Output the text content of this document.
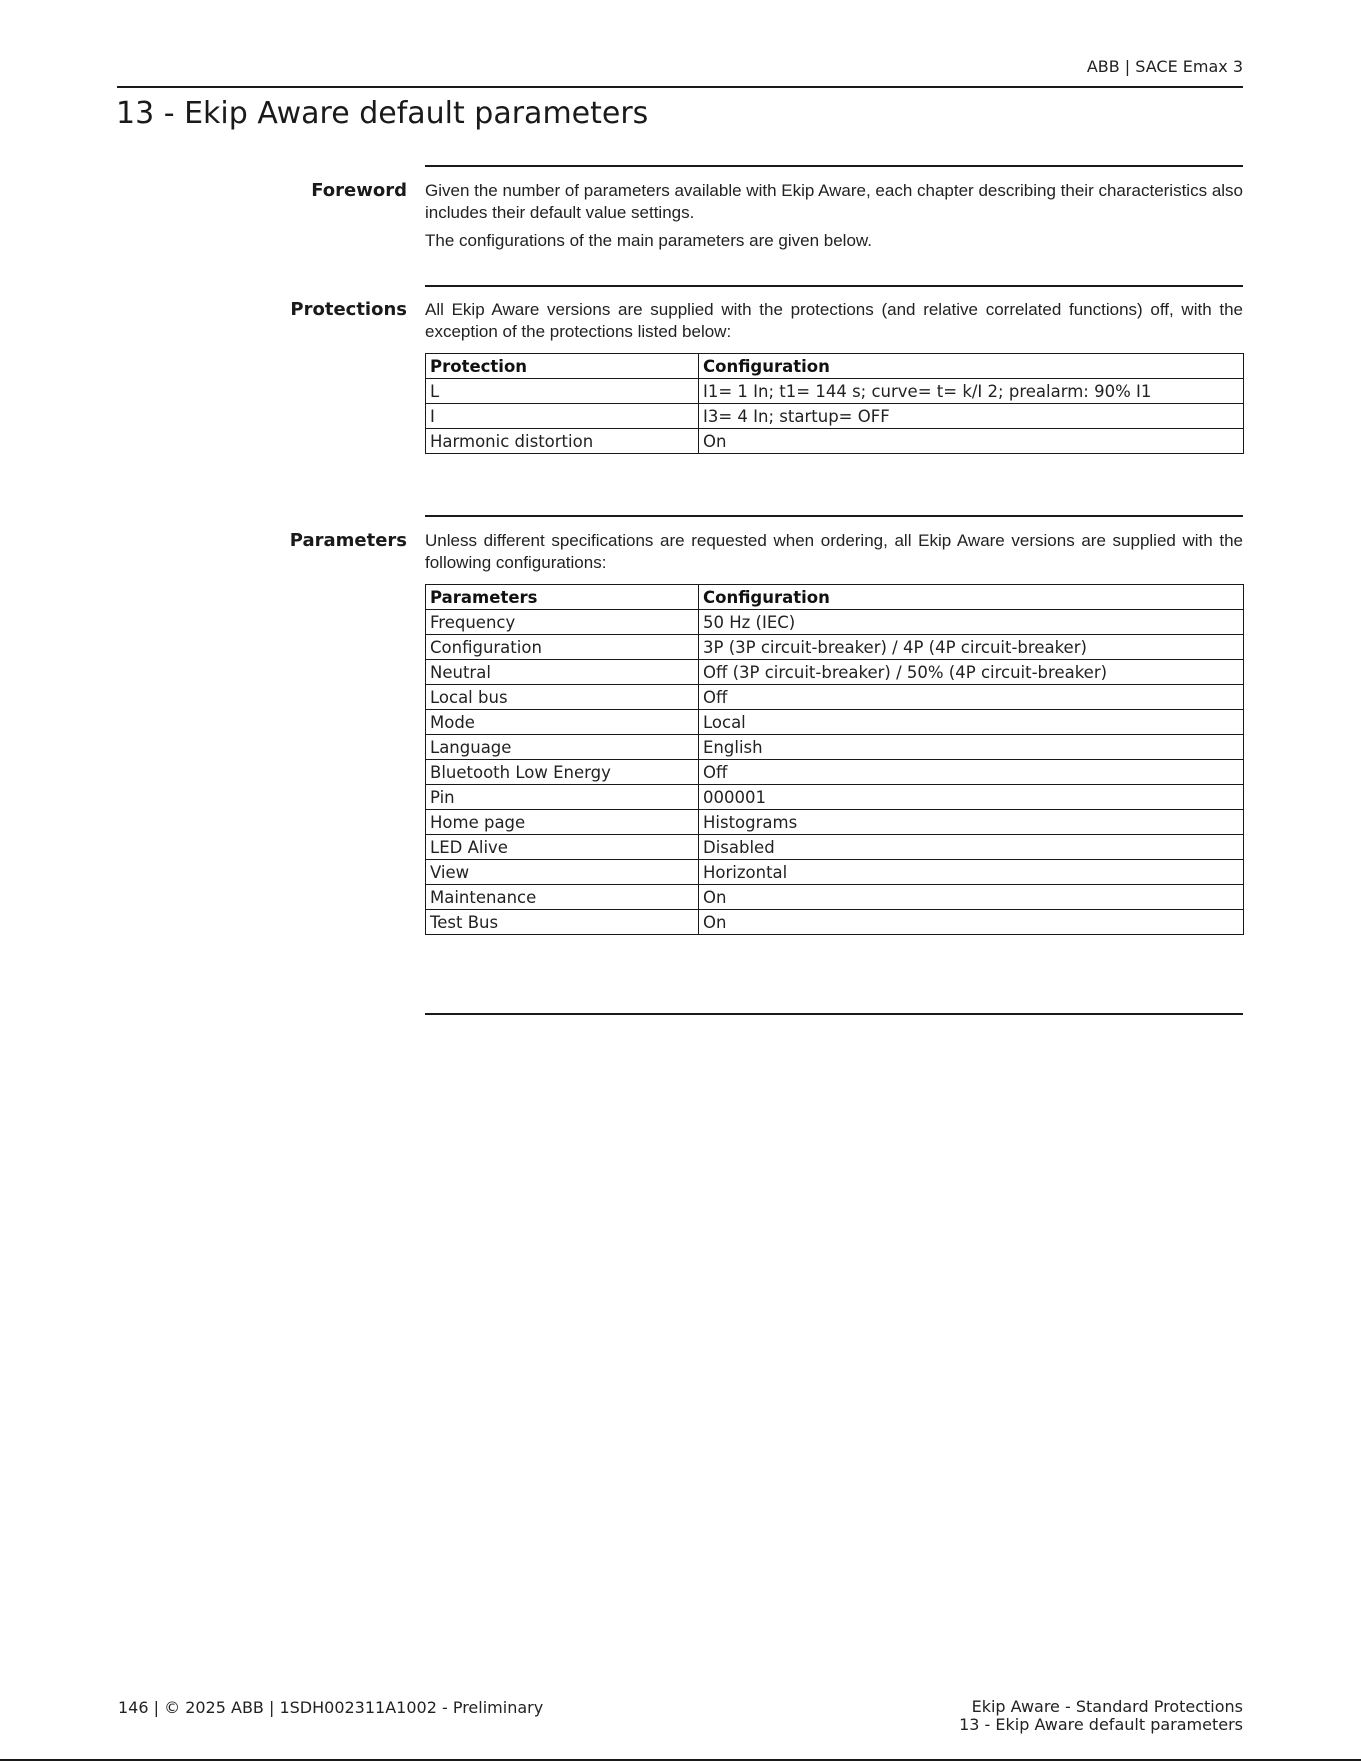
ABB | SACE Emax 3
13 - Ekip Aware default parameters
Foreword Given the number of parameters available with Ekip Aware, each chapter describing their characteristics also includes their default value settings.
The configurations of the main parameters are given below.
Protections All Ekip Aware versions are supplied with the protections (and relative correlated functions) off, with the exception of the protections listed below:
Protection	Configuration
L	I1= 1 In; t1= 144 s; curve= t= k/I 2; prealarm: 90% I1
I	I3= 4 In; startup= OFF
Harmonic distortion	On
Parameters Unless different specifications are requested when ordering, all Ekip Aware versions are supplied with the following configurations:
Parameters	Configuration
Frequency	50 Hz (IEC)
Configuration	3P (3P circuit-breaker) / 4P (4P circuit-breaker)
Neutral	Off (3P circuit-breaker) / 50% (4P circuit-breaker)
Local bus	Off
Mode	Local
Language	English
Bluetooth Low Energy	Off
Pin	000001
Home page	Histograms
LED Alive	Disabled
View	Horizontal
Maintenance	On
Test Bus	On
146 | © 2025 ABB | 1SDH002311A1002 - Preliminary	Ekip Aware - Standard Protections
13 - Ekip Aware default parameters
